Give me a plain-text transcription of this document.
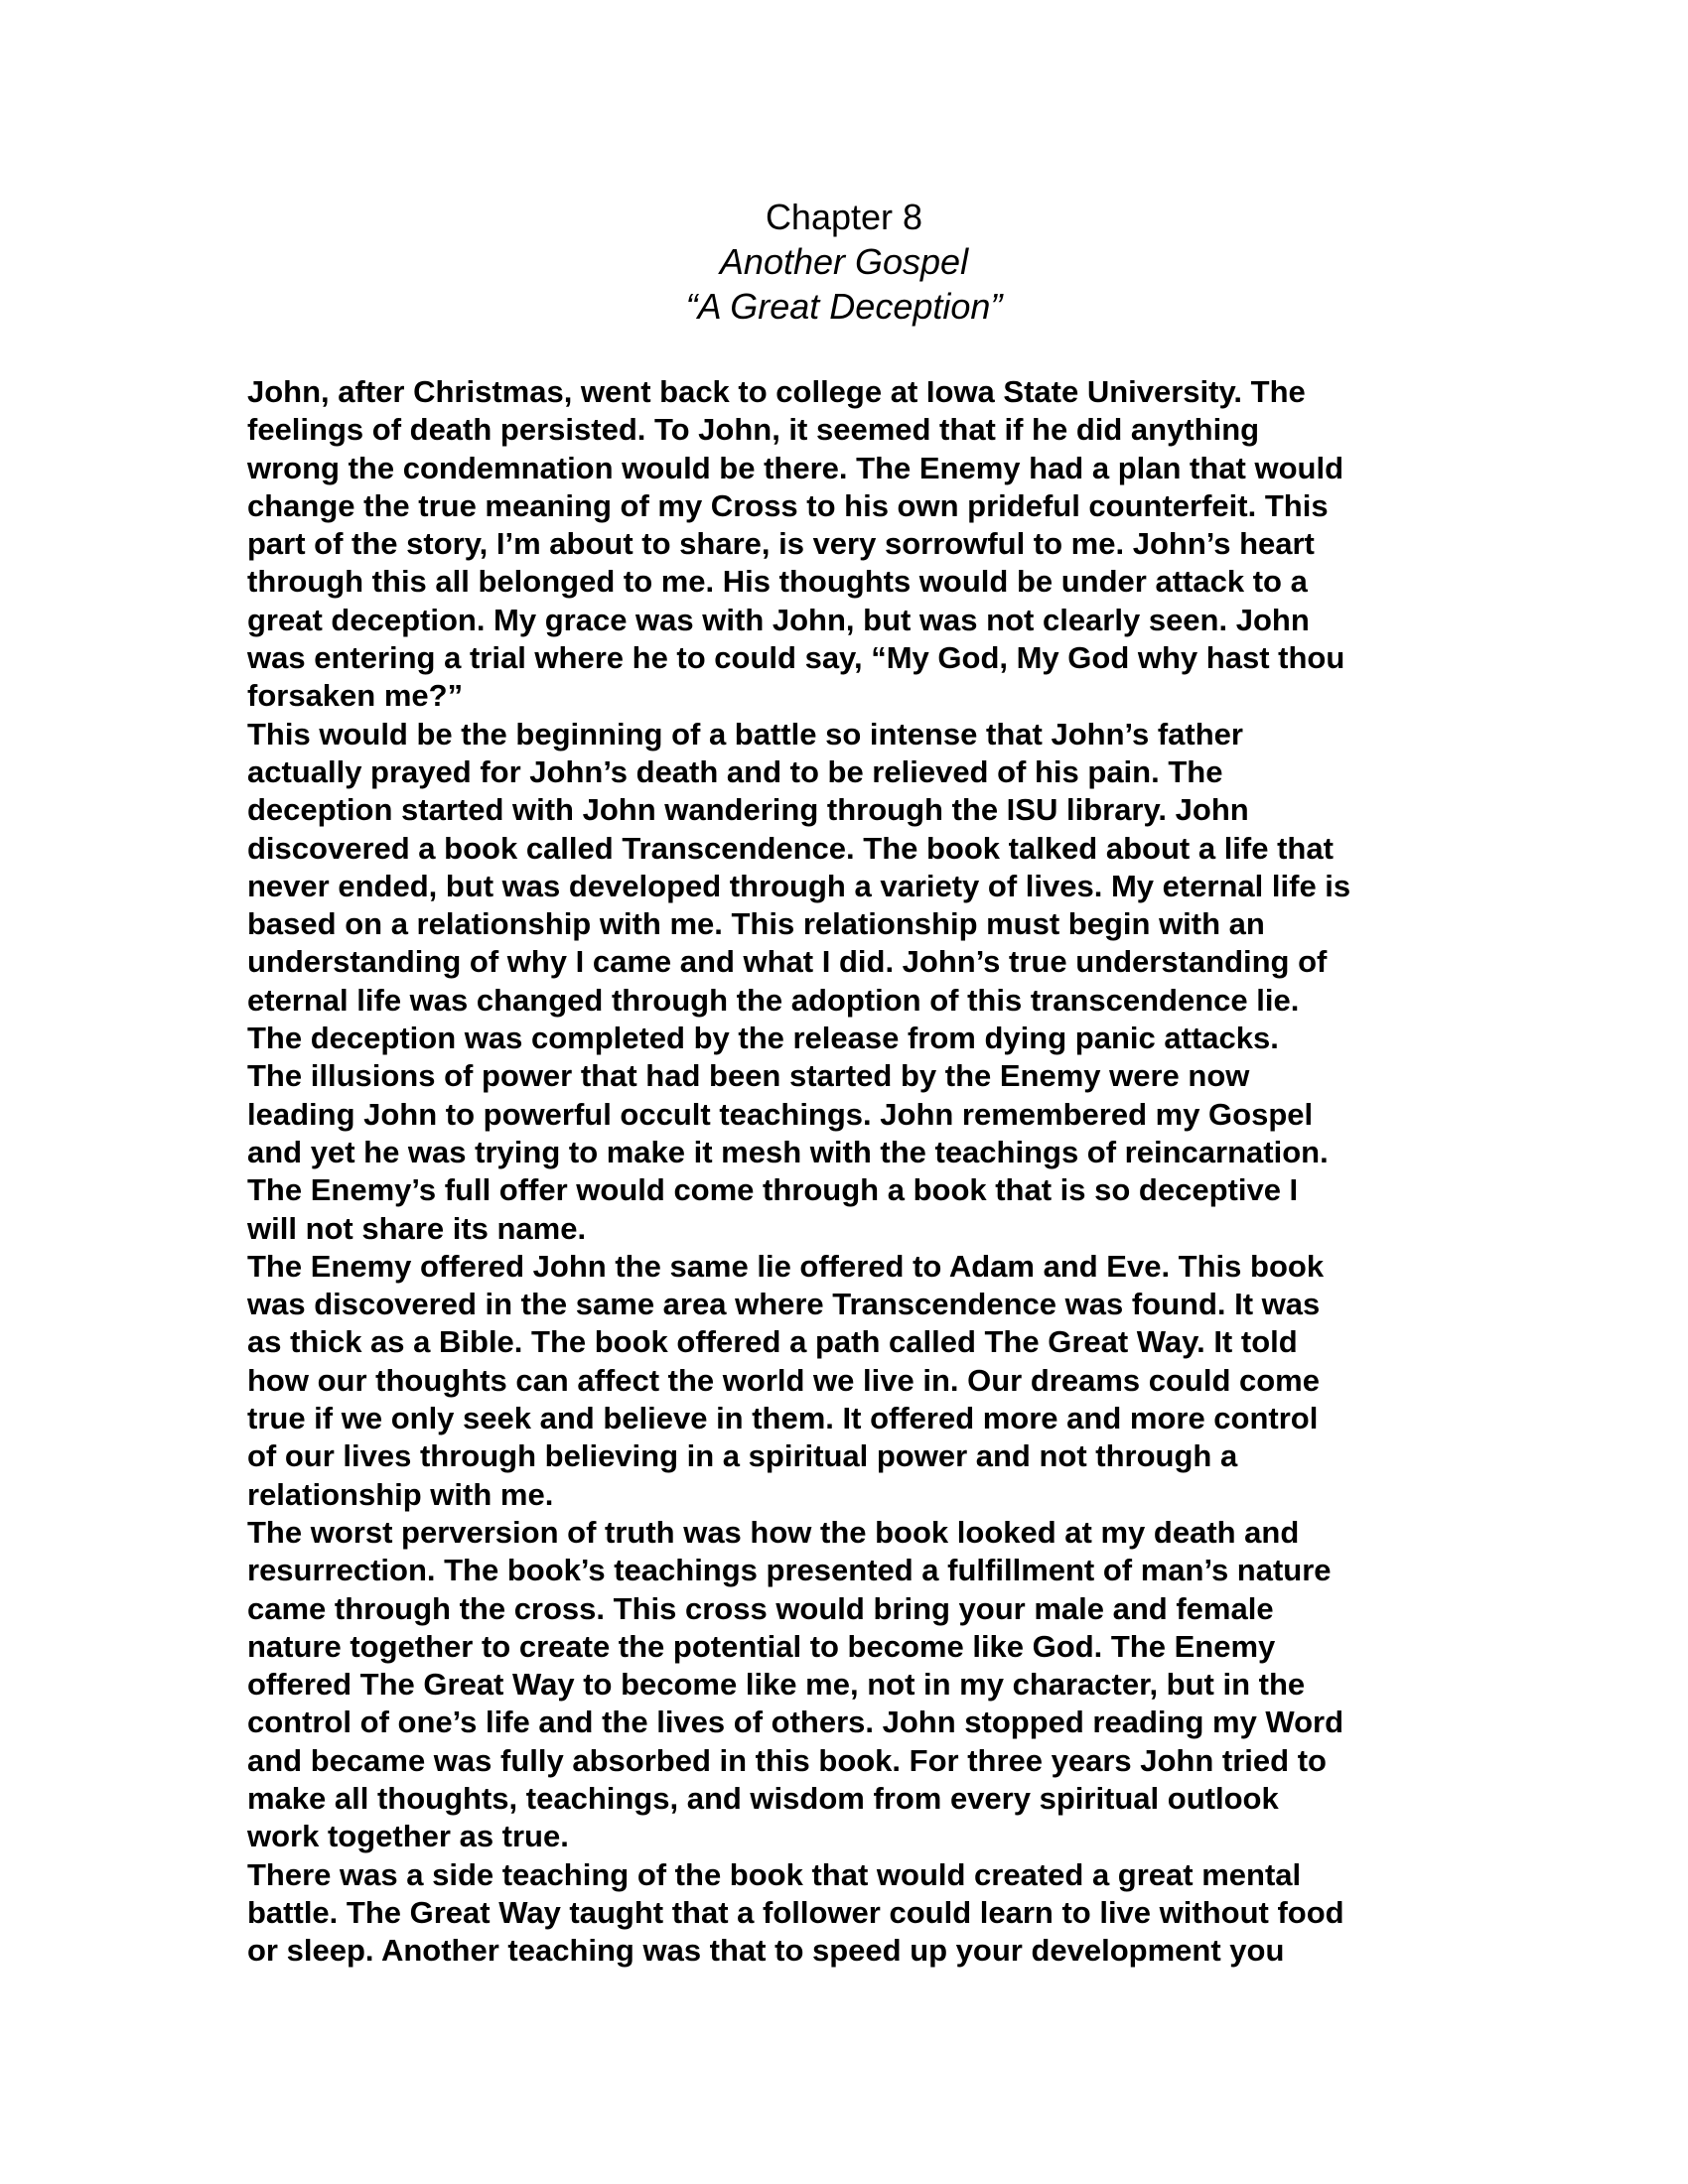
Chapter 8
Another Gospel
“A Great Deception”
John, after Christmas, went back to college at Iowa State University. The
feelings of death persisted. To John, it seemed that if he did anything
wrong the condemnation would be there. The Enemy had a plan that would
change the true meaning of my Cross to his own prideful counterfeit. This
part of the story, I’m about to share, is very sorrowful to me. John’s heart
through this all belonged to me. His thoughts would be under attack to a
great deception. My grace was with John, but was not clearly seen. John
was entering a trial where he to could say, “My God, My God why hast thou
forsaken me?”
This would be the beginning of a battle so intense that John’s father
actually prayed for John’s death and to be relieved of his pain. The
deception started with John wandering through the ISU library. John
discovered a book called Transcendence. The book talked about a life that
never ended, but was developed through a variety of lives. My eternal life is
based on a relationship with me. This relationship must begin with an
understanding of why I came and what I did. John’s true understanding of
eternal life was changed through the adoption of this transcendence lie.
The deception was completed by the release from dying panic attacks.
The illusions of power that had been started by the Enemy were now
leading John to powerful occult teachings. John remembered my Gospel
and yet he was trying to make it mesh with the teachings of reincarnation.
The Enemy’s full offer would come through a book that is so deceptive I
will not share its name.
The Enemy offered John the same lie offered to Adam and Eve. This book
was discovered in the same area where Transcendence was found. It was
as thick as a Bible. The book offered a path called The Great Way. It told
how our thoughts can affect the world we live in. Our dreams could come
true if we only seek and believe in them. It offered more and more control
of our lives through believing in a spiritual power and not through a
relationship with me.
The worst perversion of truth was how the book looked at my death and
resurrection. The book’s teachings presented a fulfillment of man’s nature
came through the cross. This cross would bring your male and female
nature together to create the potential to become like God. The Enemy
offered The Great Way to become like me, not in my character, but in the
control of one’s life and the lives of others. John stopped reading my Word
and became was fully absorbed in this book. For three years John tried to
make all thoughts, teachings, and wisdom from every spiritual outlook
work together as true.
There was a side teaching of the book that would created a great mental
battle. The Great Way taught that a follower could learn to live without food
or sleep. Another teaching was that to speed up your development you
